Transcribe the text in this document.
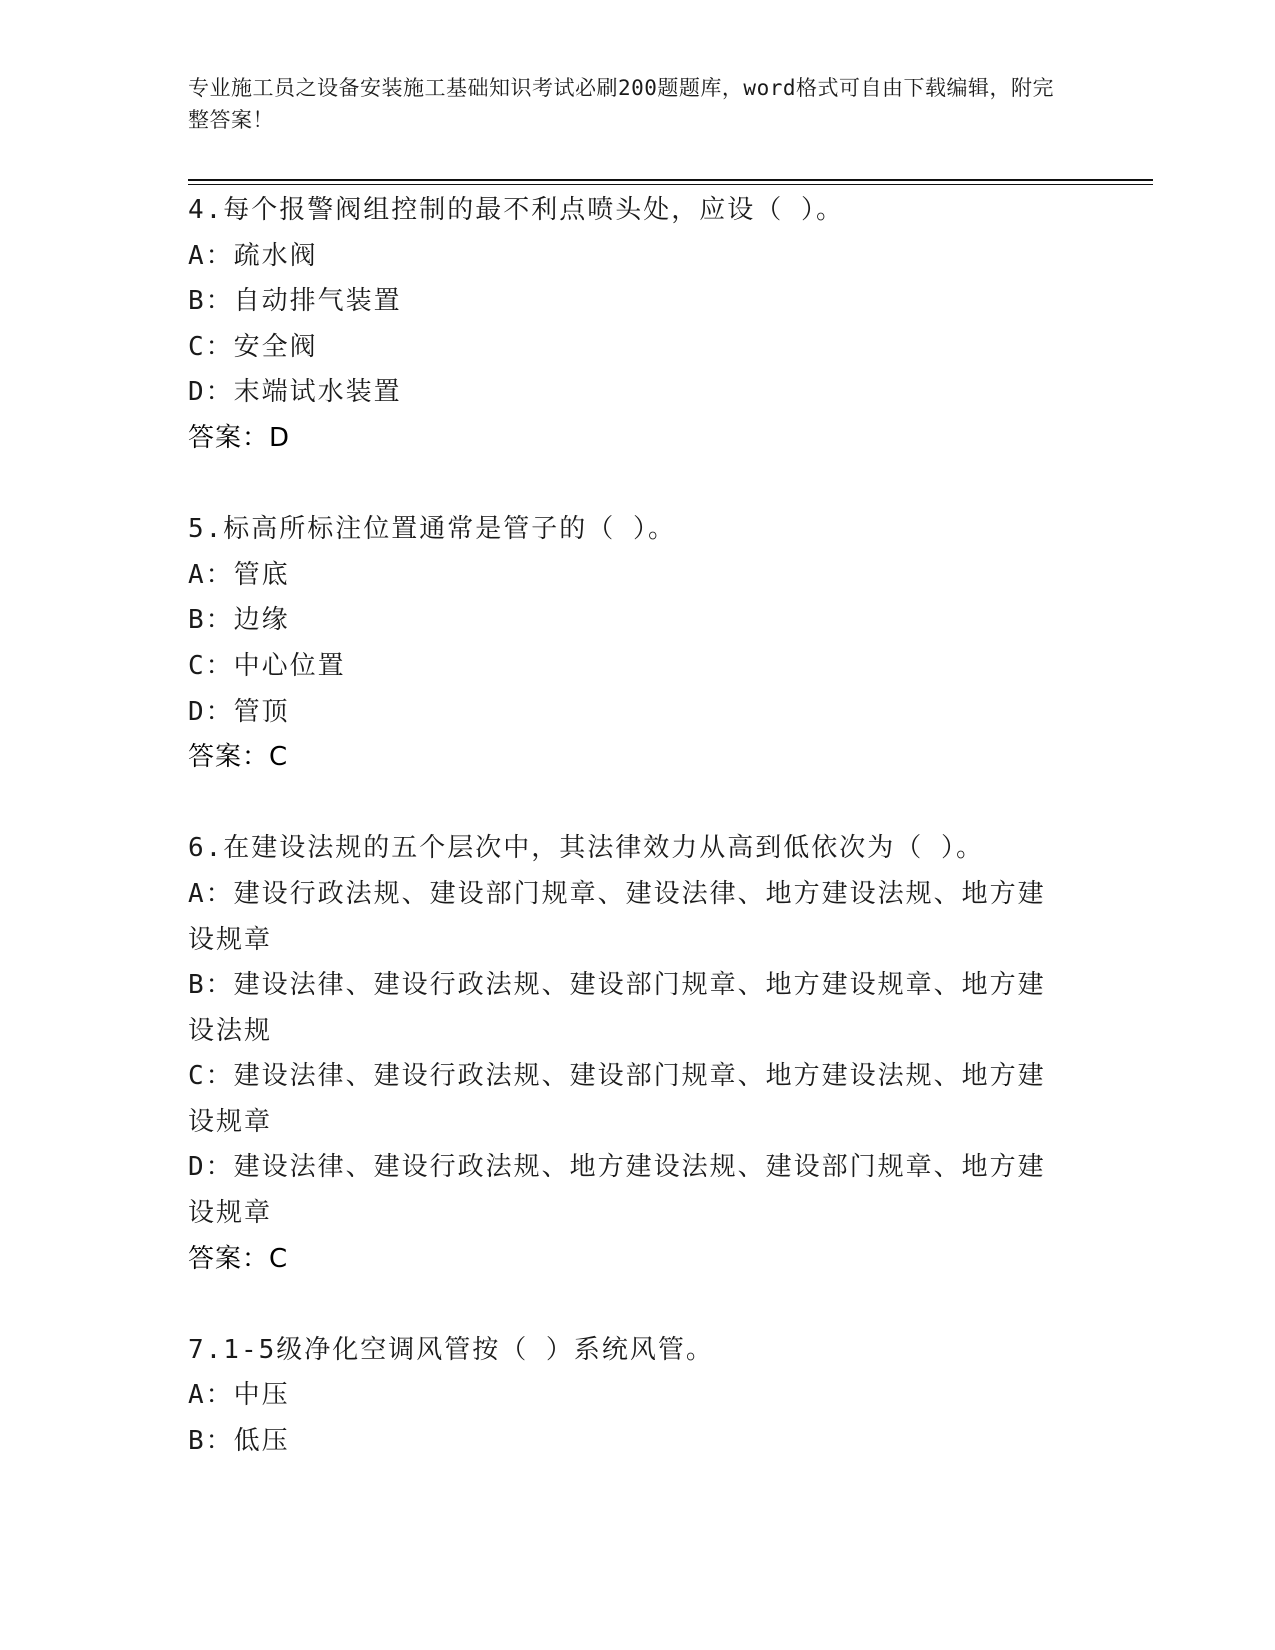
专业施工员之设备安装施工基础知识考试必刷200题题库，word格式可自由下载编辑，附完整答案！
4.每个报警阀组控制的最不利点喷头处，应设（ ）。
A：疏水阀
B：自动排气装置
C：安全阀
D：末端试水装置
答案：D
5.标高所标注位置通常是管子的（ ）。
A：管底
B：边缘
C：中心位置
D：管顶
答案：C
6.在建设法规的五个层次中，其法律效力从高到低依次为（ ）。
A：建设行政法规、建设部门规章、建设法律、地方建设法规、地方建设规章
B：建设法律、建设行政法规、建设部门规章、地方建设规章、地方建设法规
C：建设法律、建设行政法规、建设部门规章、地方建设法规、地方建设规章
D：建设法律、建设行政法规、地方建设法规、建设部门规章、地方建设规章
答案：C
7.1-5级净化空调风管按（ ）系统风管。
A：中压
B：低压
